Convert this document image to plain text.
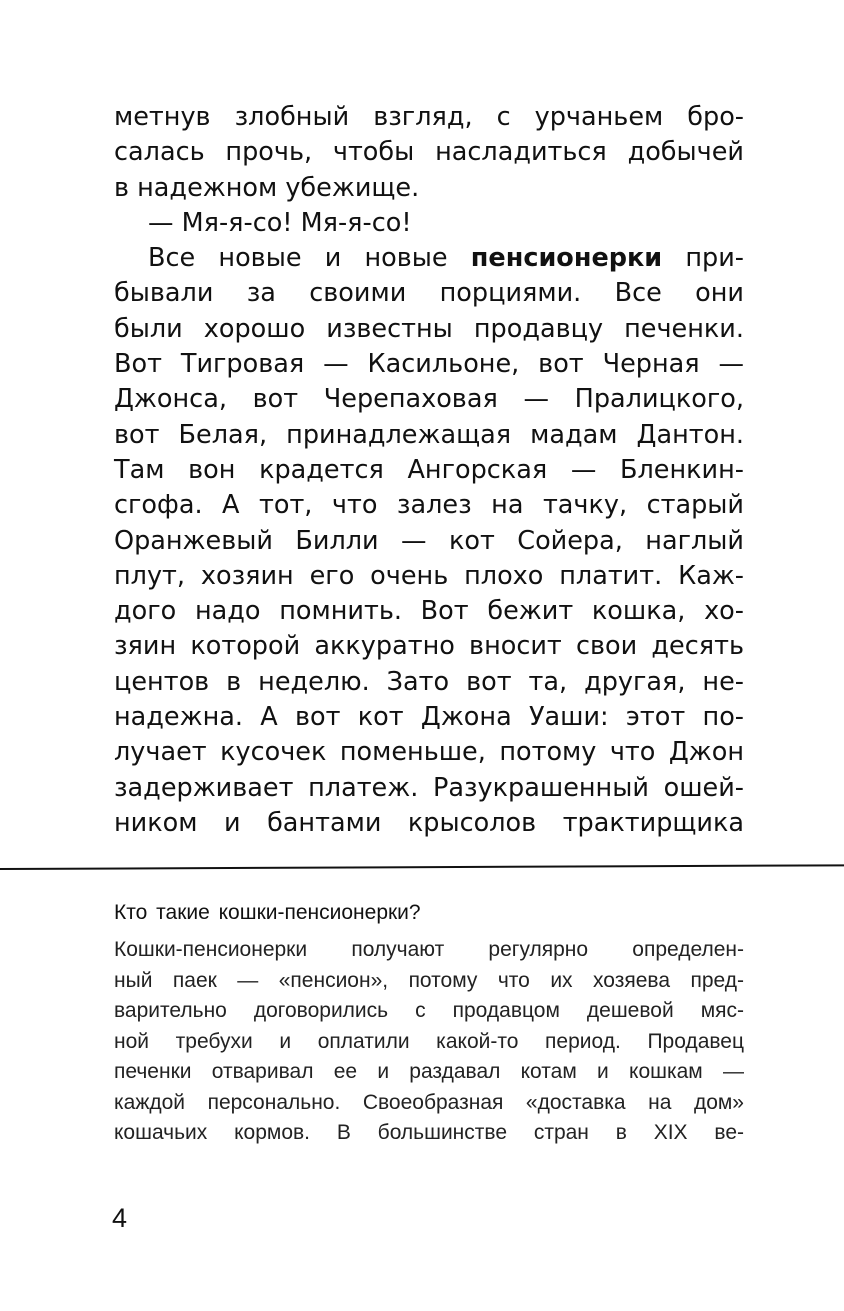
метнув злобный взгляд, с урчаньем бро-
салась прочь, чтобы насладиться добычей
в надежном убежище.
— Мя-я-со! Мя-я-со!
Все новые и новые пенсионерки при-
бывали за своими порциями. Все они
были хорошо известны продавцу печенки.
Вот Тигровая — Касильоне, вот Черная —
Джонса, вот Черепаховая — Пралицкого,
вот Белая, принадлежащая мадам Дантон.
Там вон крадется Ангорская — Бленкин-
сгофа. А тот, что залез на тачку, старый
Оранжевый Билли — кот Сойера, наглый
плут, хозяин его очень плохо платит. Каж-
дого надо помнить. Вот бежит кошка, хо-
зяин которой аккуратно вносит свои десять
центов в неделю. Зато вот та, другая, не-
надежна. А вот кот Джона Уаши: этот по-
лучает кусочек поменьше, потому что Джон
задерживает платеж. Разукрашенный ошей-
ником и бантами крысолов трактирщика
Кто такие кошки-пенсионерки?
Кошки-пенсионерки получают регулярно определен-
ный паек — «пенсион», потому что их хозяева пред-
варительно договорились с продавцом дешевой мяс-
ной требухи и оплатили какой-то период. Продавец
печенки отваривал ее и раздавал котам и кошкам —
каждой персонально. Своеобразная «доставка на дом»
кошачьих кормов. В большинстве стран в XIX ве-
4
